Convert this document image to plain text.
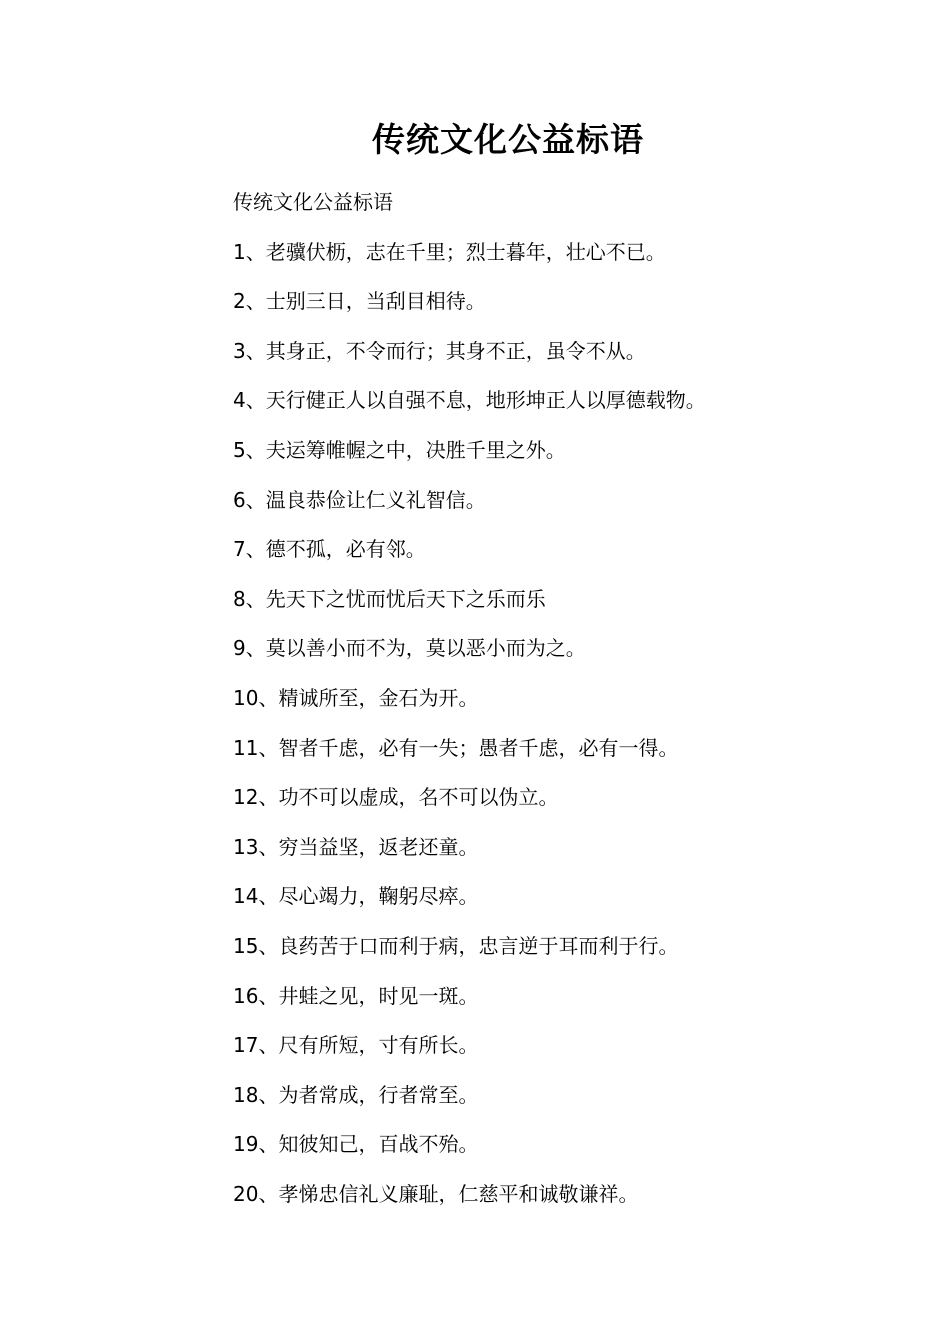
传统文化公益标语
传统文化公益标语
1、老骥伏枥，志在千里；烈士暮年，壮心不已。
2、士别三日，当刮目相待。
3、其身正，不令而行；其身不正，虽令不从。
4、天行健正人以自强不息，地形坤正人以厚德载物。
5、夫运筹帷幄之中，决胜千里之外。
6、温良恭俭让仁义礼智信。
7、德不孤，必有邻。
8、先天下之忧而忧后天下之乐而乐
9、莫以善小而不为，莫以恶小而为之。
10、精诚所至，金石为开。
11、智者千虑，必有一失；愚者千虑，必有一得。
12、功不可以虚成，名不可以伪立。
13、穷当益坚，返老还童。
14、尽心竭力，鞠躬尽瘁。
15、良药苦于口而利于病，忠言逆于耳而利于行。
16、井蛙之见，时见一斑。
17、尺有所短，寸有所长。
18、为者常成，行者常至。
19、知彼知己，百战不殆。
20、孝悌忠信礼义廉耻，仁慈平和诚敬谦祥。
